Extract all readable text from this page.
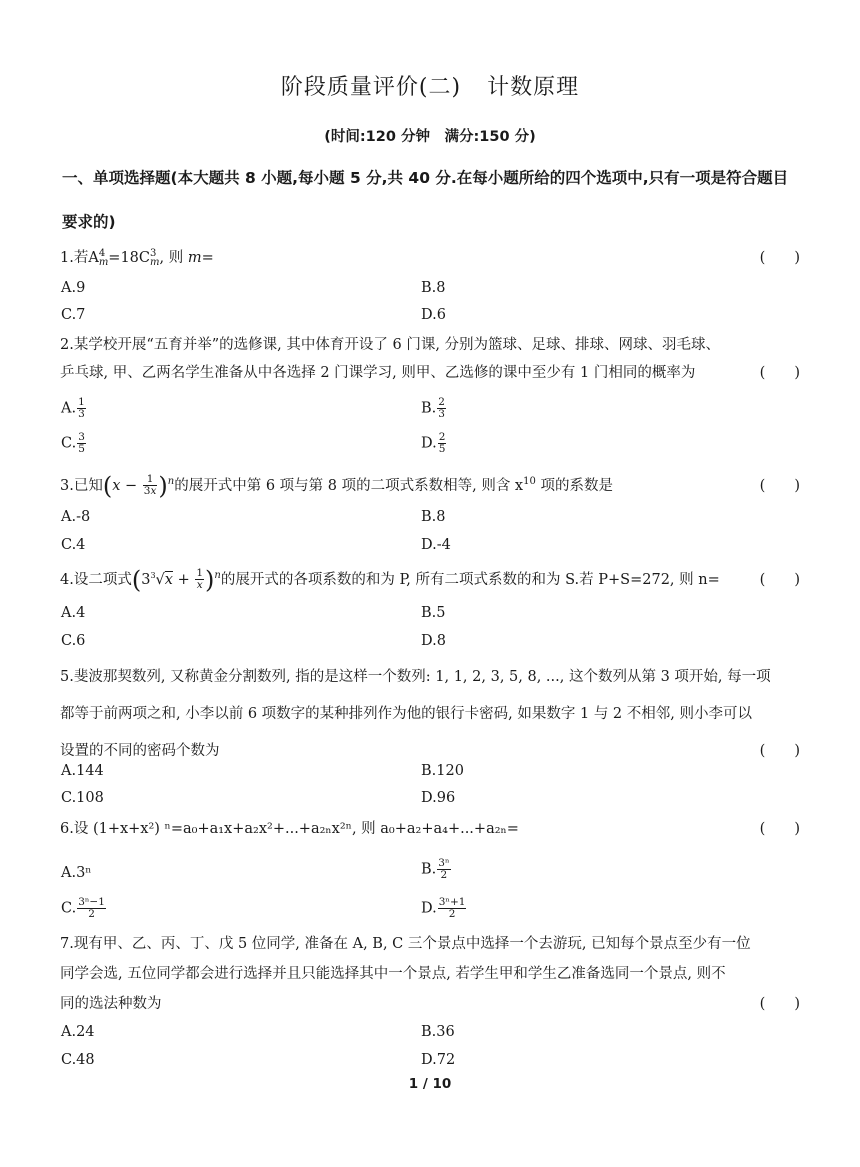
阶段质量评价(二) 计数原理
(时间:120 分钟　满分:150 分)
一、单项选择题(本大题共 8 小题,每小题 5 分,共 40 分.在每小题所给的四个选项中,只有一项是符合题目
要求的)
1.若A 4
m =18C 3
m , 则 m=	(　　)
A.9	B.8
C.7	D.6
2.某学校开展“五育并举”的选修课, 其中体育开设了 6 门课, 分别为篮球、足球、排球、网球、羽毛球、
乒乓球, 甲、乙两名学生准备从中各选择 2 门课学习, 则甲、乙选修的课中至少有 1 门相同的概率为	(　　)
A. $\frac{1}{3}$	B. $\frac{2}{3}$
C. $\frac{3}{5}$	D. $\frac{2}{5}$
3.已知$(x - \frac{1}{3x} )^n$的展开式中第 6 项与第 8 项的二项式系数相等, 则含 $x^{10}$ 项的系数是	(　　)
A.-8	B.8
C.4	D.-4
4.设二项式$(3^3√x + \frac{1}{x} )^n$的展开式的各项系数的和为 P, 所有二项式系数的和为 S.若 P+S=272, 则 n=	(　　)
A.4	B.5
C.6	D.8
5.斐波那契数列, 又称黄金分割数列, 指的是这样一个数列: 1, 1, 2, 3, 5, 8, ..., 这个数列从第 3 项开始, 每一项
都等于前两项之和, 小李以前 6 项数字的某种排列作为他的银行卡密码, 如果数字 1 与 2 不相邻, 则小李可以
设置的不同的密码个数为	(　　)
A.144	B.120
C.108	D.96
6.设 (1+x+x²) ⁿ=a₀+a₁x+a₂x²+...+a₂ₙx²ⁿ, 则 a₀+a₂+a₄+...+a₂ₙ=	(　　)
A.3ⁿ	B. $\frac{\text{3ⁿ}}{2}$
C. $\frac{\text{3ⁿ−1}}{2}$	D. $\frac{\text{3ⁿ+1}}{2}$
7.现有甲、乙、丙、丁、戊 5 位同学, 准备在 A, B, C 三个景点中选择一个去游玩, 已知每个景点至少有一位
同学会选, 五位同学都会进行选择并且只能选择其中一个景点, 若学生甲和学生乙准备选同一个景点, 则不
同的选法种数为	(　　)
A.24	B.36
C.48	D.72
1 / 10
